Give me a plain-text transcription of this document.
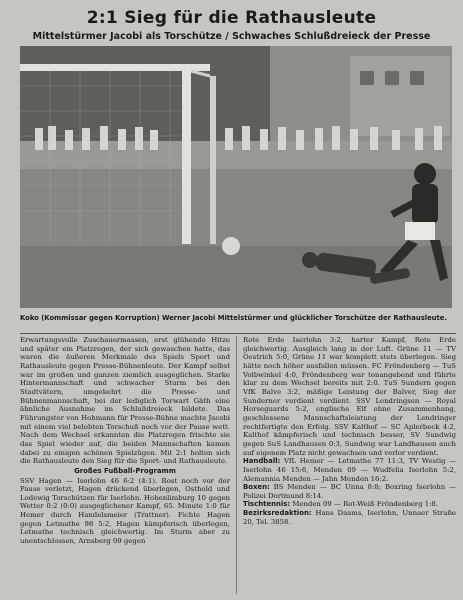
2:1 Sieg für die Rathausleute
Mittelstürmer Jacobi als Torschütze / Schwaches Schlußdreieck der Presse
Koko (Kommissar gegen Korruption) Werner Jacobi Mittelstürmer und glücklicher Torschütze der Rathausleute.

Erwartungsvolle Zuschauermassen, erst glühende Hitze und später ein Platzregen, der sich gewaschen hatte, das waren die äußeren Merkmale des Spiels Sport und Rathausleute gegen Presse-Bühnenleute. Der Kampf selbst war im großen und ganzen ziemlich ausgeglichen. Starke Hintermannschaft und schwacher Sturm bei den Stadtvätern, umgekehrt die Presse- und Bühnenmannschaft, bei der lediglich Torwart Gäth eine ähnliche Ausnahme im Schlußdreieck bildete. Das Führungstor von Hohmann für Presse-Bühne machte Jacobi mit einem viel belobten Torschuß noch vor der Pause wett. Nach dem Wechsel erkannten die Platzregen frischte sie das Spiel wieder auf, die beiden Mannschaften kamen dabei zu einigen schönen Spielzügen. Mit 2:1 holten sich die Rathausleute den Sieg für die Sport- und Rathausleute.

Großes Fußball-Programm

SSV Hagen — Iserlohn 46 6:2 (4:1). Rost noch vor der Pause verletzt, Hagen drückend überlegen, Osthold und Lodewig Torschützen für Iserlohn. Hohenlimburg 10 gegen Wetter 0:2 (0:0) ausgeglichener Kampf, 65. Minute 1:0 für Hemer durch Handelsmeier (Trattner). Fichte Hagen gegen Letmathe 98 5:2, Hagen kämpferisch überlegen, Letmathe technisch gleichwertig. Im Sturm aber zu unentschlossen, Arnsberg 09 gegen

Rote Erde Iserlohn 3:2, harter Kampf, Rote Erde gleichwertig. Ausgleich lang in der Luft. Grüne 11 — TV Oestrich 5:0, Grüne 11 war komplett stets überlegen. Sieg hätte noch höher ausfallen müssen. FC Fröndenberg — TuS Volbwinkel 4:0, Fröndenberg war tonangebend und führte klar zu dem Wechsel bereits mit 2:0. TuS Sundern gegen VfK Balve 3:2, mäßige Leistung der Balver, Sieg der Sunderner verdient verdient. SSV Lendringsen — Royal Horseguards 5:2, englische Elf ohne Zusammenhang, geschlossene Mannschaftsleistung der Lendringer rechtfertigte den Erfolg. SSV Kalthof — SC Aplerbeck 4:2, Kalthof kämpferisch und technisch besser, SV Sundwig gegen SuS Landhausen 0:3, Sundwig war Landhausen auch auf eigenem Platz nicht gewachsen und verlor verdient.

Handball: VfL Hemer — Letmathe 77 11:3, TV Westig — Iserlohn 46 15:6, Menden 09 — Wudfelia Iserlohn 5:2, Alemannia Menden — Jahn Menden 16:2.

Boxen: BS Menden — BC Unna 8:8; Boxring Iserlohn — Polizei Dortmund 8:14.

Tischtennis: Menden 09 — Rot-Weiß Fröndenberg 1:8.

Bezirksredaktion: Hans Daams, Iserlohn, Unnaer Straße 20, Tel. 3858.
